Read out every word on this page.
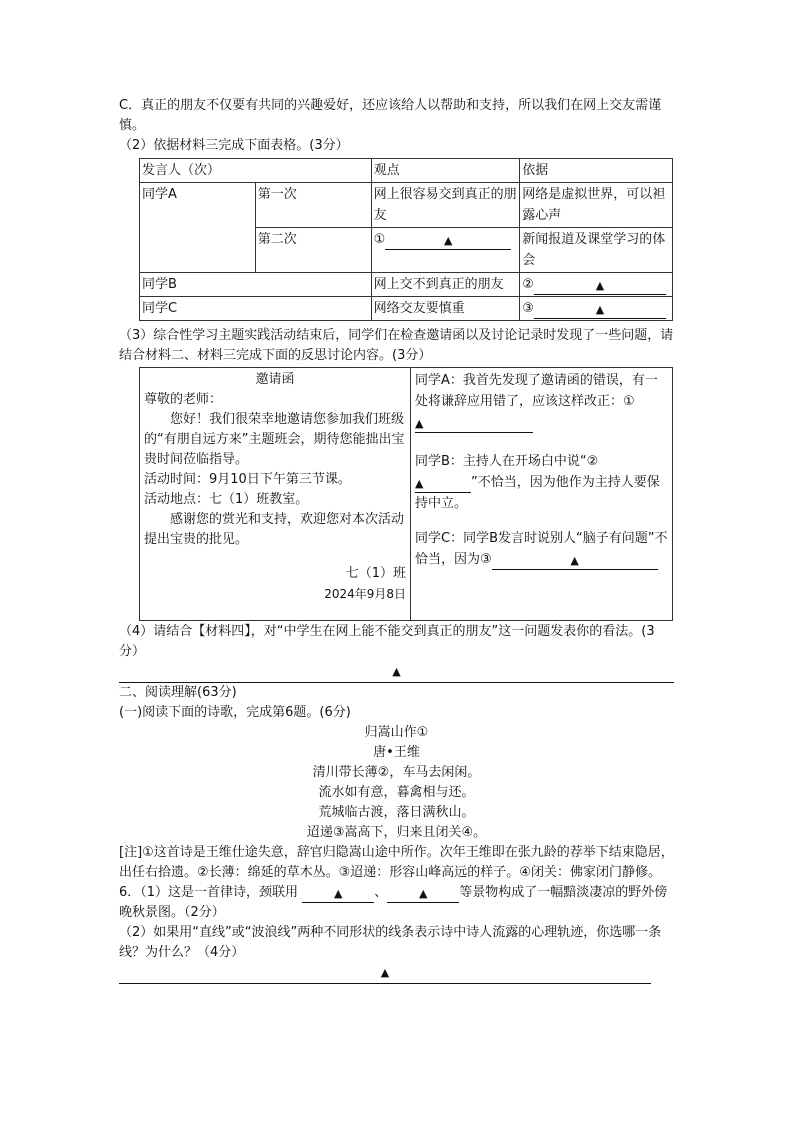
C．真正的朋友不仅要有共同的兴趣爱好，还应该给人以帮助和支持，所以我们在网上交友需谨慎。

（2）依据材料三完成下面表格。(3分）

发言人（次）		观点	依据
同学A	第一次	网上很容易交到真正的朋友	网络是虚拟世界，可以袒露心声
	第二次	① ▲	新闻报道及课堂学习的体会
同学B		网上交不到真正的朋友	② ▲
同学C		网络交友要慎重	③ ▲

（3）综合性学习主题实践活动结束后，同学们在检查邀请函以及讨论记录时发现了一些问题，请结合材料二、材料三完成下面的反思讨论内容。(3分）

邀请函

尊敬的老师：

您好！我们很荣幸地邀请您参加我们班级的“有朋自远方来”主题班会，期待您能拙出宝贵时间莅临指导。

活动时间：9月10日下午第三节课。

活动地点：七（1）班教室。

感谢您的赏光和支持，欢迎您对本次活动提出宝贵的批见。

七（1）班

2024年9月8日

同学A：我首先发现了邀请函的错误，有一处将谦辞应用错了，应该这样改正：①
▲

同学B：主持人在开场白中说“②
▲	”不恰当，因为他作为主持人要保持中立。

同学C：同学B发言时说别人“脑子有问题”不恰当，因为③	▲

（4）请结合【材料四】，对“中学生在网上能不能交到真正的朋友”这一问题发表你的看法。(3分）

▲

二、阅读理解(63分)

(一)阅读下面的诗歌，完成第6题。(6分)

归嵩山作①

唐•王维

清川带长薄②，车马去闲闲。

流水如有意，暮禽相与还。

荒城临古渡，落日满秋山。

迢递③嵩高下，归来且闭关④。

[注]①这首诗是王维仕途失意，辞官归隐嵩山途中所作。次年王维即在张九龄的荐举下结束隐居，出任右拾遗。②长薄：绵延的草木丛。③迢递：形容山峰高远的样子。④闭关：佛家闭门静修。

6．（1）这是一首律诗，颈联用	▲ 、	▲ 等景物构成了一幅黯淡凄凉的野外傍晚秋景图。（2分）

（2）如果用“直线”或“波浪线”两种不同形状的线条表示诗中诗人流露的心理轨迹，你选哪一条线？为什么？（4分）

▲
